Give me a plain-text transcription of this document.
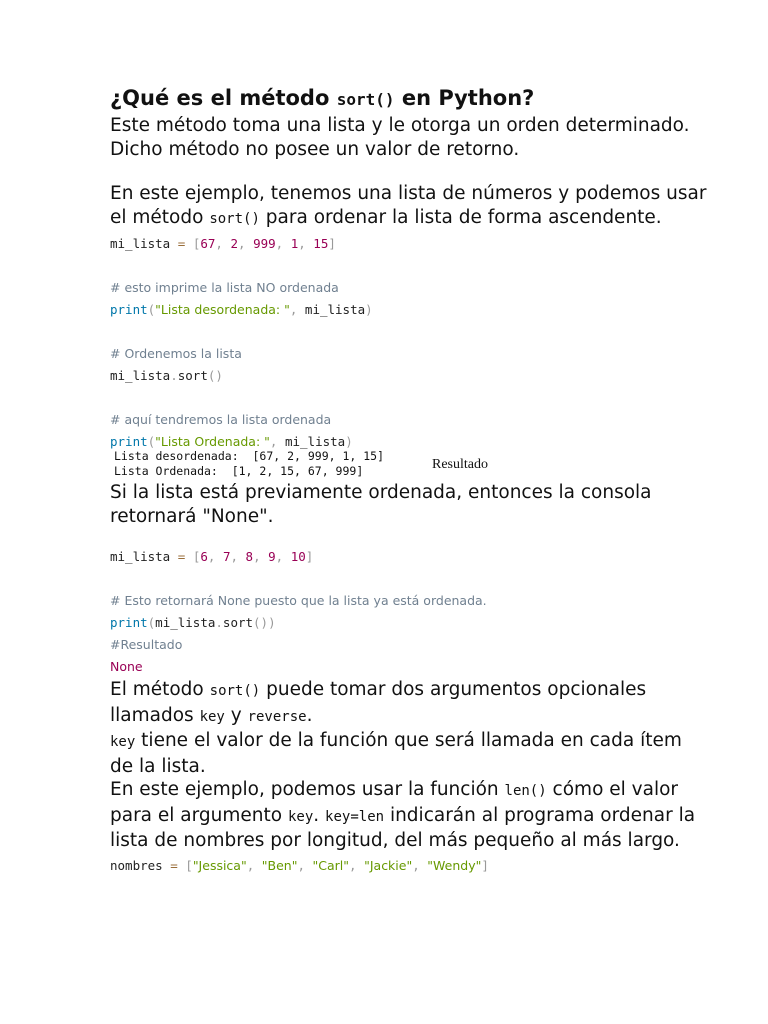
¿Qué es el método sort() en Python?

Este método toma una lista y le otorga un orden determinado. Dicho método no posee un valor de retorno.

En este ejemplo, tenemos una lista de números y podemos usar el método sort() para ordenar la lista de forma ascendente.

mi_lista = [67, 2, 999, 1, 15]

# esto imprime la lista NO ordenada
print("Lista desordenada: ", mi_lista)

# Ordenemos la lista
mi_lista.sort()

# aquí tendremos la lista ordenada
print("Lista Ordenada: ", mi_lista)
Lista desordenada:  [67, 2, 999, 1, 15]
Lista Ordenada:  [1, 2, 15, 67, 999]	Resultado

Si la lista está previamente ordenada, entonces la consola retornará "None".

mi_lista = [6, 7, 8, 9, 10]

# Esto retornará None puesto que la lista ya está ordenada.
print(mi_lista.sort())
#Resultado
None

El método sort() puede tomar dos argumentos opcionales llamados key y reverse.

key tiene el valor de la función que será llamada en cada ítem de la lista.

En este ejemplo, podemos usar la función len() cómo el valor para el argumento key. key=len indicarán al programa ordenar la lista de nombres por longitud, del más pequeño al más largo.

nombres = ["Jessica", "Ben", "Carl", "Jackie", "Wendy"]
